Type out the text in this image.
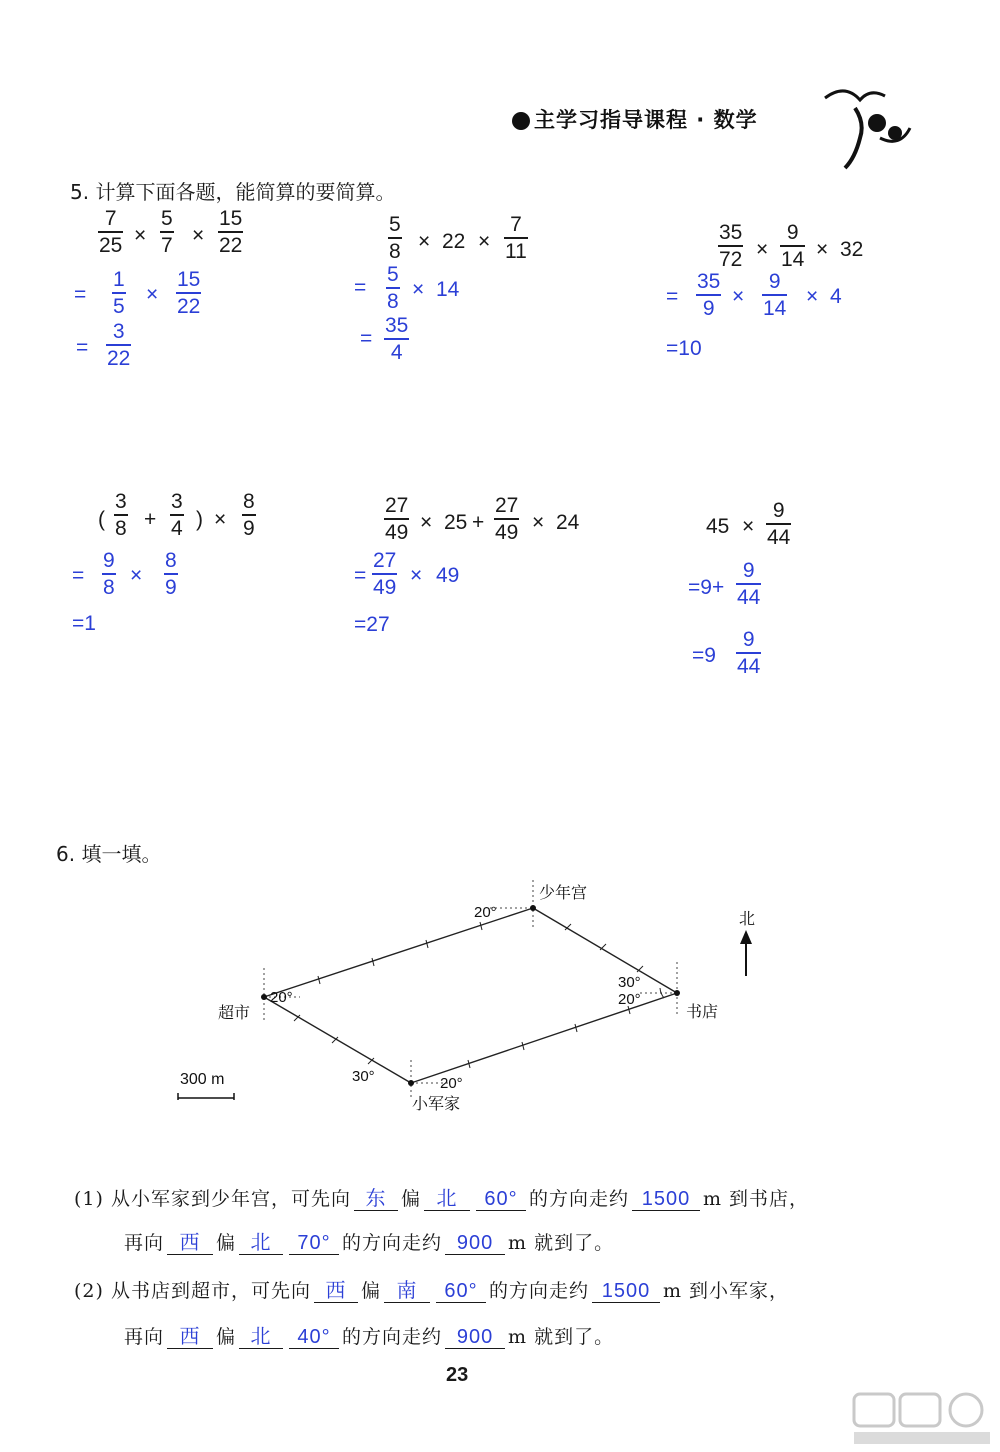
主学习指导课程 · 数学
5. 计算下面各题，能简算的要简算。
7
25 ×
5
7 ×
15
22
=
1
5
×
15
22
=
3
22
5
8 × 22 ×
7
11
=
5
8
× 14
=
35
4
35
72 ×
9
14 × 32
=
35
9
×
9
14
× 4
=10
(
3
8 +
3
4 ) ×
8
9
=
9
8
×
8
9
=1
27
49 × 25 +
27
49 × 24
=
27
49
× 49
=27
45 ×
9
44
=9+
9
44
=9
9
44
6. 填一填。
少年宫
超市	书店
小军家
北
300 m
20°
20°
30°
20°
30°	20°
(1) 从小军家到少年宫，可先向 东 偏 北 60° 的方向走约 1500 m 到书店，
再向 西 偏 北 70° 的方向走约 900 m 就到了。
(2) 从书店到超市，可先向 西 偏 南 60° 的方向走约 1500 m 到小军家，
再向 西 偏 北 40° 的方向走约 900 m 就到了。
23
